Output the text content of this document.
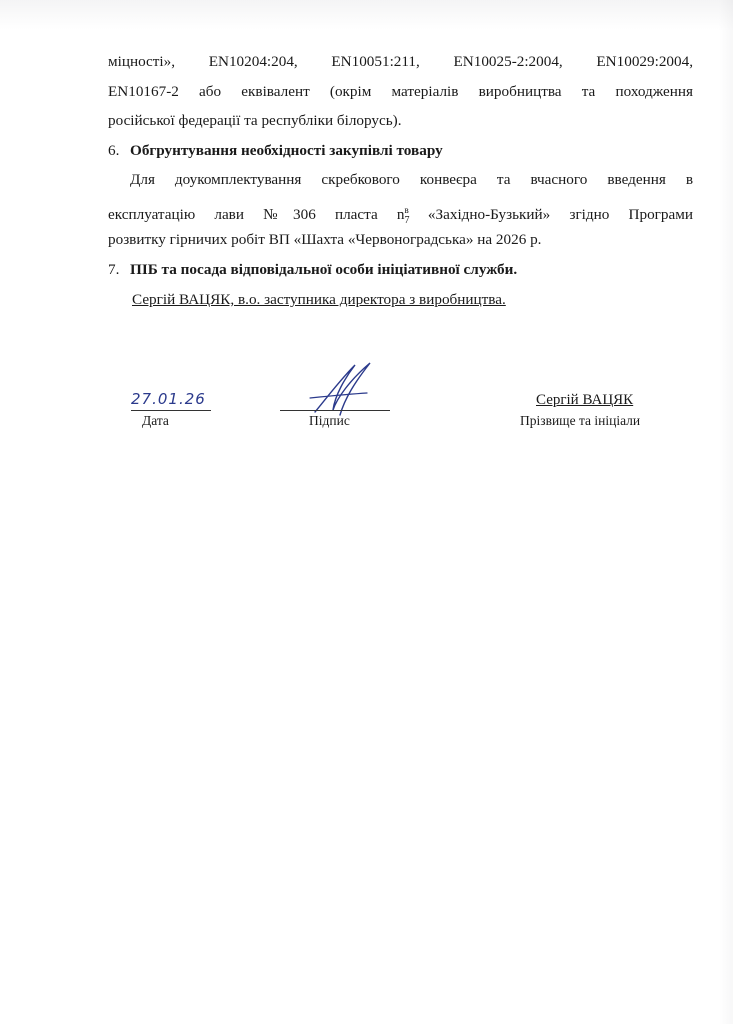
міцності», EN10204:204, EN10051:211, EN10025-2:2004, EN10029:2004,
EN10167-2 або еквівалент (окрім матеріалів виробництва та походження
російської федерації та республіки білорусь).
6. Обгрунтування необхідності закупівлі товару
Для доукомплектування скребкового конвеєра та вчасного введення в
експлуатацію лави №306 пласта $n_7^в$ «Західно-Бузький» згідно Програми
розвитку гірничих робіт ВП «Шахта «Червоноградська» на 2026 р.
7. ПІБ та посада відповідальної особи ініціативної служби.
Сергій ВАЦЯК, в.о. заступника директора з виробництва.
27.01.26
Дата	Підпис
Сергій ВАЦЯК
Прізвище та ініціали
